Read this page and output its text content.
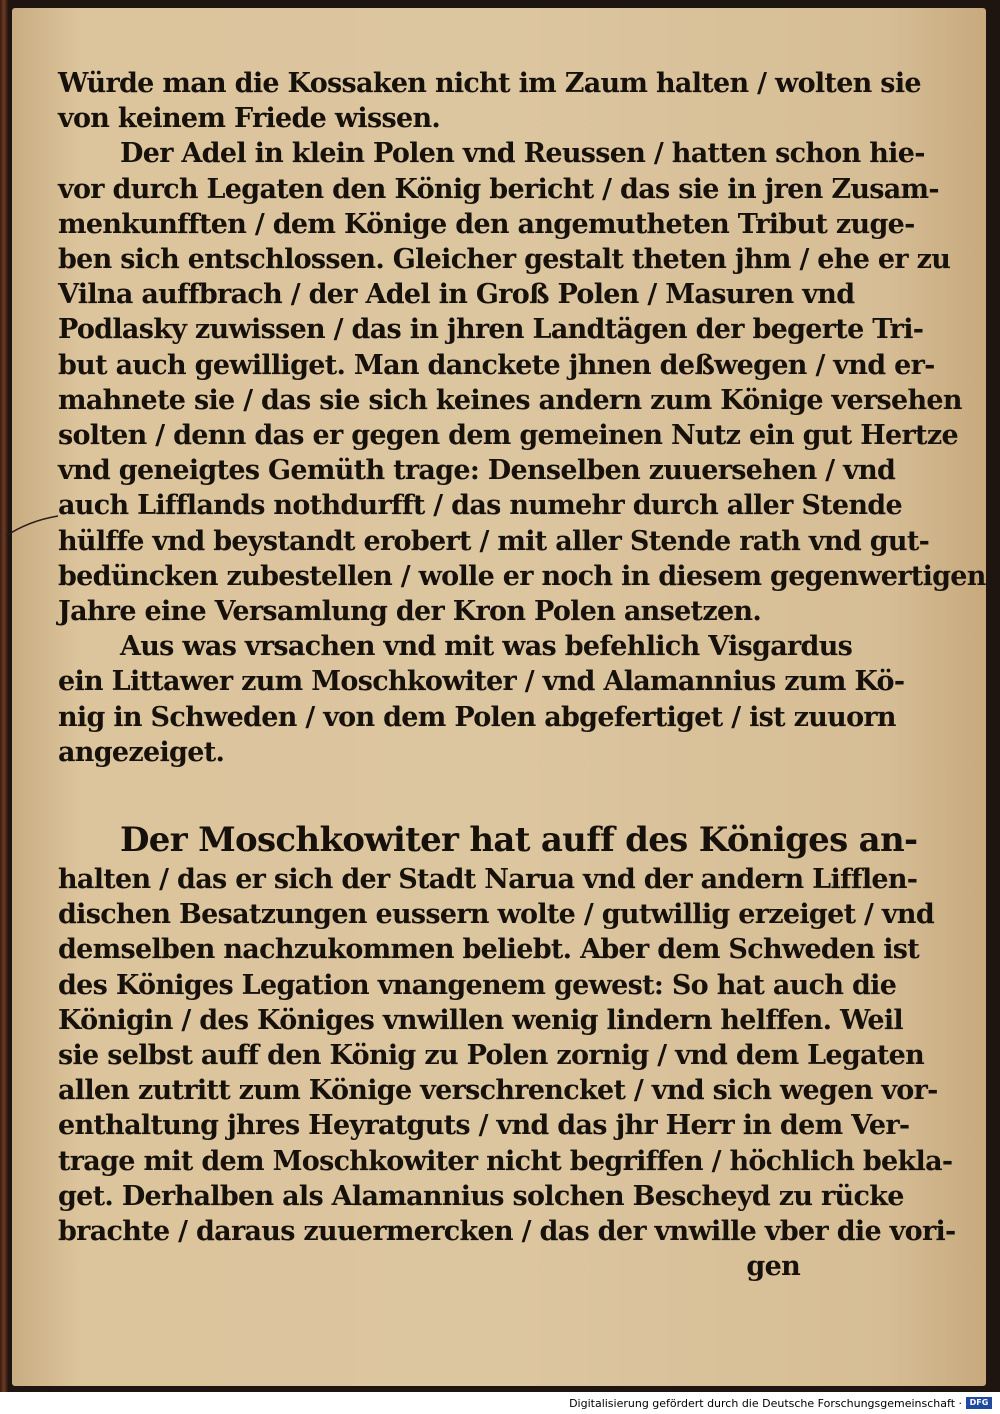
Würde man die Kossaken nicht im Zaum halten / wolten sie
von keinem Friede wissen.
Der Adel in klein Polen vnd Reussen / hatten schon hie-
vor durch Legaten den König bericht / das sie in jren Zusam-
menkunfften / dem Könige den angemutheten Tribut zuge-
ben sich entschlossen. Gleicher gestalt theten jhm / ehe er zu
Vilna auffbrach / der Adel in Groß Polen / Masuren vnd
Podlasky zuwissen / das in jhren Landtägen der begerte Tri-
but auch gewilliget. Man danckete jhnen deßwegen / vnd er-
mahnete sie / das sie sich keines andern zum Könige versehen
solten / denn das er gegen dem gemeinen Nutz ein gut Hertze
vnd geneigtes Gemüth trage: Denselben zuuersehen / vnd
auch Lifflands nothdurfft / das numehr durch aller Stende
hülffe vnd beystandt erobert / mit aller Stende rath vnd gut-
bedüncken zubestellen / wolle er noch in diesem gegenwertigen
Jahre eine Versamlung der Kron Polen ansetzen.
Aus was vrsachen vnd mit was befehlich Visgardus
ein Littawer zum Moschkowiter / vnd Alamannius zum Kö-
nig in Schweden / von dem Polen abgefertiget / ist zuuorn
angezeiget.
Der Moschkowiter hat auff des Königes an-
halten / das er sich der Stadt Narua vnd der andern Lifflen-
dischen Besatzungen eussern wolte / gutwillig erzeiget / vnd
demselben nachzukommen beliebt. Aber dem Schweden ist
des Königes Legation vnangenem gewest: So hat auch die
Königin / des Königes vnwillen wenig lindern helffen. Weil
sie selbst auff den König zu Polen zornig / vnd dem Legaten
allen zutritt zum Könige verschrencket / vnd sich wegen vor-
enthaltung jhres Heyratguts / vnd das jhr Herr in dem Ver-
trage mit dem Moschkowiter nicht begriffen / höchlich bekla-
get. Derhalben als Alamannius solchen Bescheyd zu rücke
brachte / daraus zuuermercken / das der vnwille vber die vori-
gen
Digitalisierung gefördert durch die Deutsche Forschungsgemeinschaft · DFG
